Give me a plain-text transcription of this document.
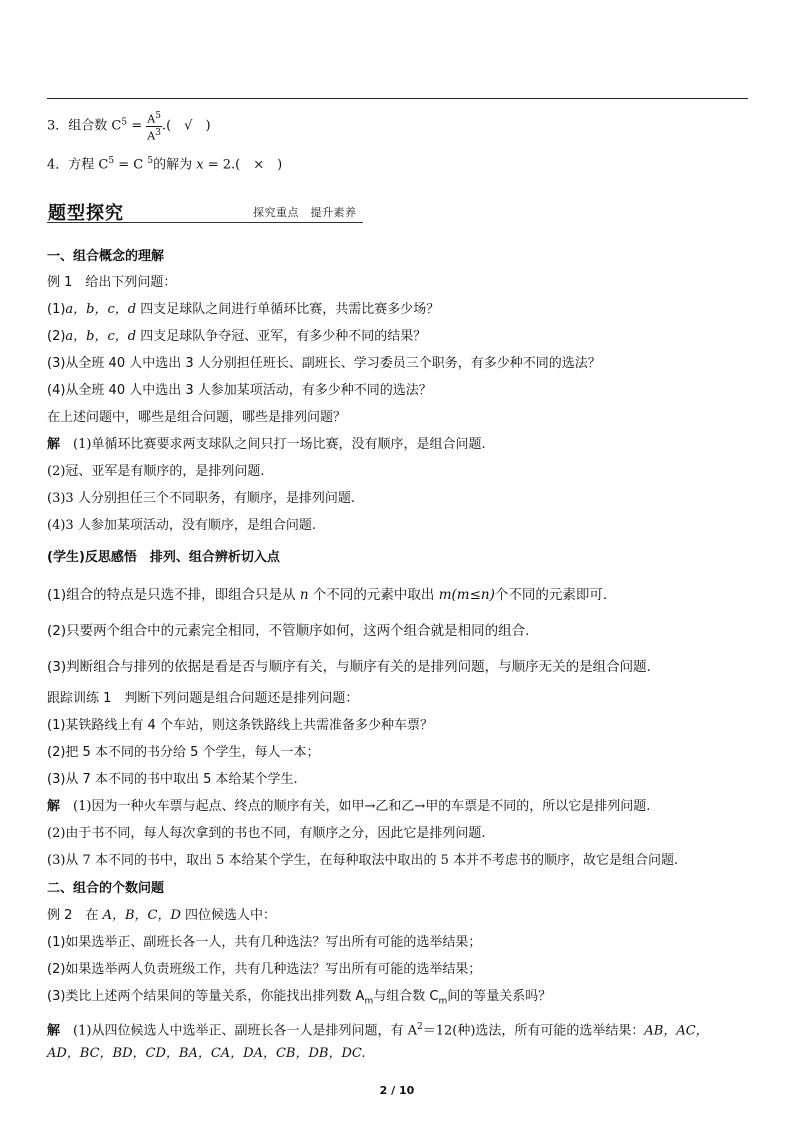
3．组合数 $C^5 = \frac{A^5}{A^3}$ .(　√　)
4．方程 $C^5 = C$ $^5$的解为 x = 2.(　×　)
题型探究	探究重点　提升素养
一、组合概念的理解
例 1　 给出下列问题：
(1)a，b，c，d 四支足球队之间进行单循环比赛，共需比赛多少场？
(2)a，b，c，d 四支足球队争夺冠、亚军，有多少种不同的结果？
(3)从全班 40 人中选出 3 人分别担任班长、副班长、学习委员三个职务，有多少种不同的选法？
(4)从全班 40 人中选出 3 人参加某项活动，有多少种不同的选法？
在上述问题中，哪些是组合问题，哪些是排列问题？
解　 (1)单循环比赛要求两支球队之间只打一场比赛，没有顺序，是组合问题.
(2)冠、亚军是有顺序的，是排列问题.
(3)3 人分别担任三个不同职务，有顺序，是排列问题.
(4)3 人参加某项活动，没有顺序，是组合问题.
(学生)反思感悟　排列、组合辨析切入点
(1)组合的特点是只选不排，即组合只是从 n 个不同的元素中取出 m(m≤n)个不同的元素即可.
(2)只要两个组合中的元素完全相同，不管顺序如何，这两个组合就是相同的组合.
(3)判断组合与排列的依据是看是否与顺序有关，与顺序有关的是排列问题，与顺序无关的是组合问题.
跟踪训练 1　 判断下列问题是组合问题还是排列问题：
(1)某铁路线上有 4 个车站，则这条铁路线上共需准备多少种车票？
(2)把 5 本不同的书分给 5 个学生，每人一本；
(3)从 7 本不同的书中取出 5 本给某个学生.
解　 (1)因为一种火车票与起点、终点的顺序有关，如甲→乙和乙→甲的车票是不同的，所以它是排列问题.
(2)由于书不同，每人每次拿到的书也不同，有顺序之分，因此它是排列问题.
(3)从 7 本不同的书中，取出 5 本给某个学生，在每种取法中取出的 5 本并不考虑书的顺序，故它是组合问题.
二、组合的个数问题
例 2　 在 A，B，C，D 四位候选人中：
(1)如果选举正、副班长各一人，共有几种选法？写出所有可能的选举结果；
(2)如果选举两人负责班级工作，共有几种选法？写出所有可能的选举结果；
(3)类比上述两个结果间的等量关系，你能找出排列数 $A_m$与组合数 $C_m$间的等量关系吗？
解　 (1)从四位候选人中选举正、副班长各一人是排列问题，有 $A^2=12$(种)选法，所有可能的选举结果：AB，AC，
AD，BC，BD，CD，BA，CA，DA，CB，DB，DC.
2 / 10
